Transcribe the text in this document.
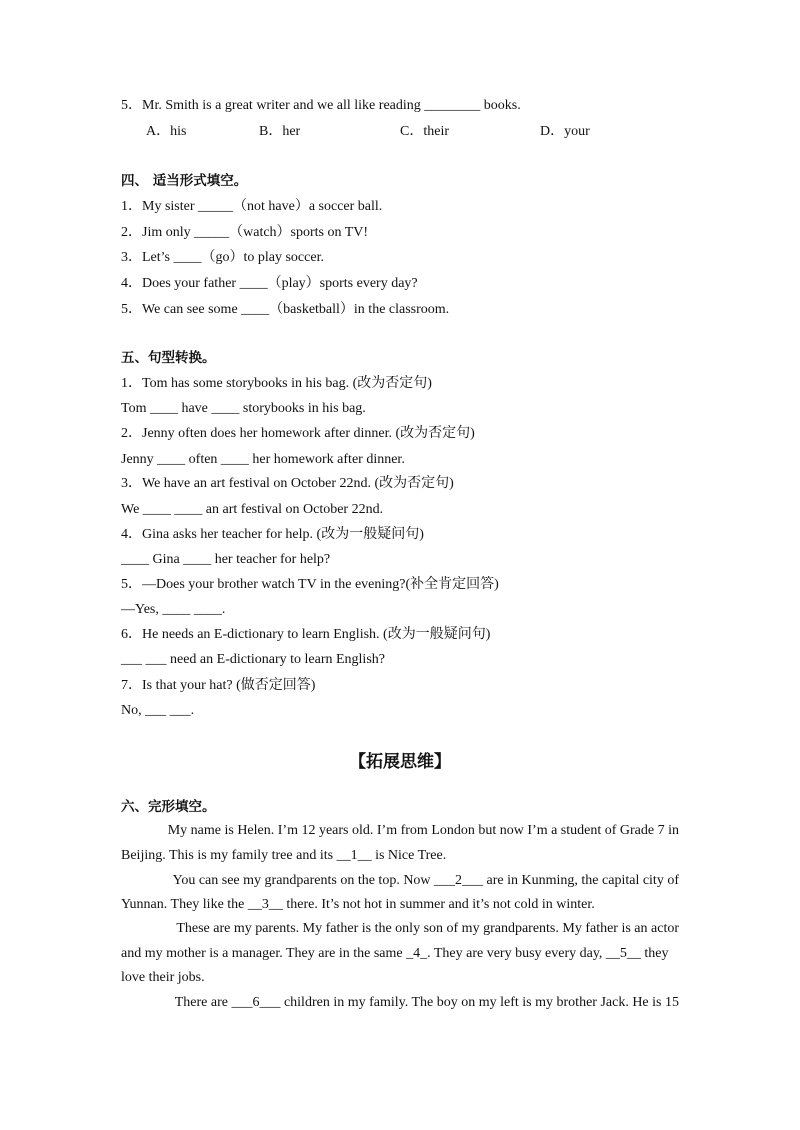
5．Mr. Smith is a great writer and we all like reading ________ books.
A．his	B．her	C．their	D．your
四、 适当形式填空。
1．My sister _____（not have）a soccer ball.
2．Jim only _____（watch）sports on TV!
3．Let’s ____（go）to play soccer.
4．Does your father ____（play）sports every day?
5．We can see some ____（basketball）in the classroom.
五、句型转换。
1．Tom has some storybooks in his bag. (改为否定句)
Tom ____ have ____ storybooks in his bag.
2．Jenny often does her homework after dinner. (改为否定句)
Jenny ____ often ____ her homework after dinner.
3．We have an art festival on October 22nd. (改为否定句)
We ____ ____ an art festival on October 22nd.
4．Gina asks her teacher for help. (改为一般疑问句)
____ Gina ____ her teacher for help?
5．—Does your brother watch TV in the evening?(补全肯定回答)
—Yes, ____ ____.
6．He needs an E-dictionary to learn English. (改为一般疑问句)
___ ___ need an E-dictionary to learn English?
7．Is that your hat? (做否定回答)
No, ___ ___.
【拓展思维】
六、完形填空。
My name is Helen. I’m 12 years old. I’m from London but now I’m a student of Grade 7 in
Beijing. This is my family tree and its __1__ is Nice Tree.
You can see my grandparents on the top. Now ___2___ are in Kunming, the capital city of
Yunnan. They like the __3__ there. It’s not hot in summer and it’s not cold in winter.
These are my parents. My father is the only son of my grandparents. My father is an actor
and my mother is a manager. They are in the same _4_. They are very busy every day, __5__ they
love their jobs.
There are ___6___ children in my family. The boy on my left is my brother Jack. He is 15
